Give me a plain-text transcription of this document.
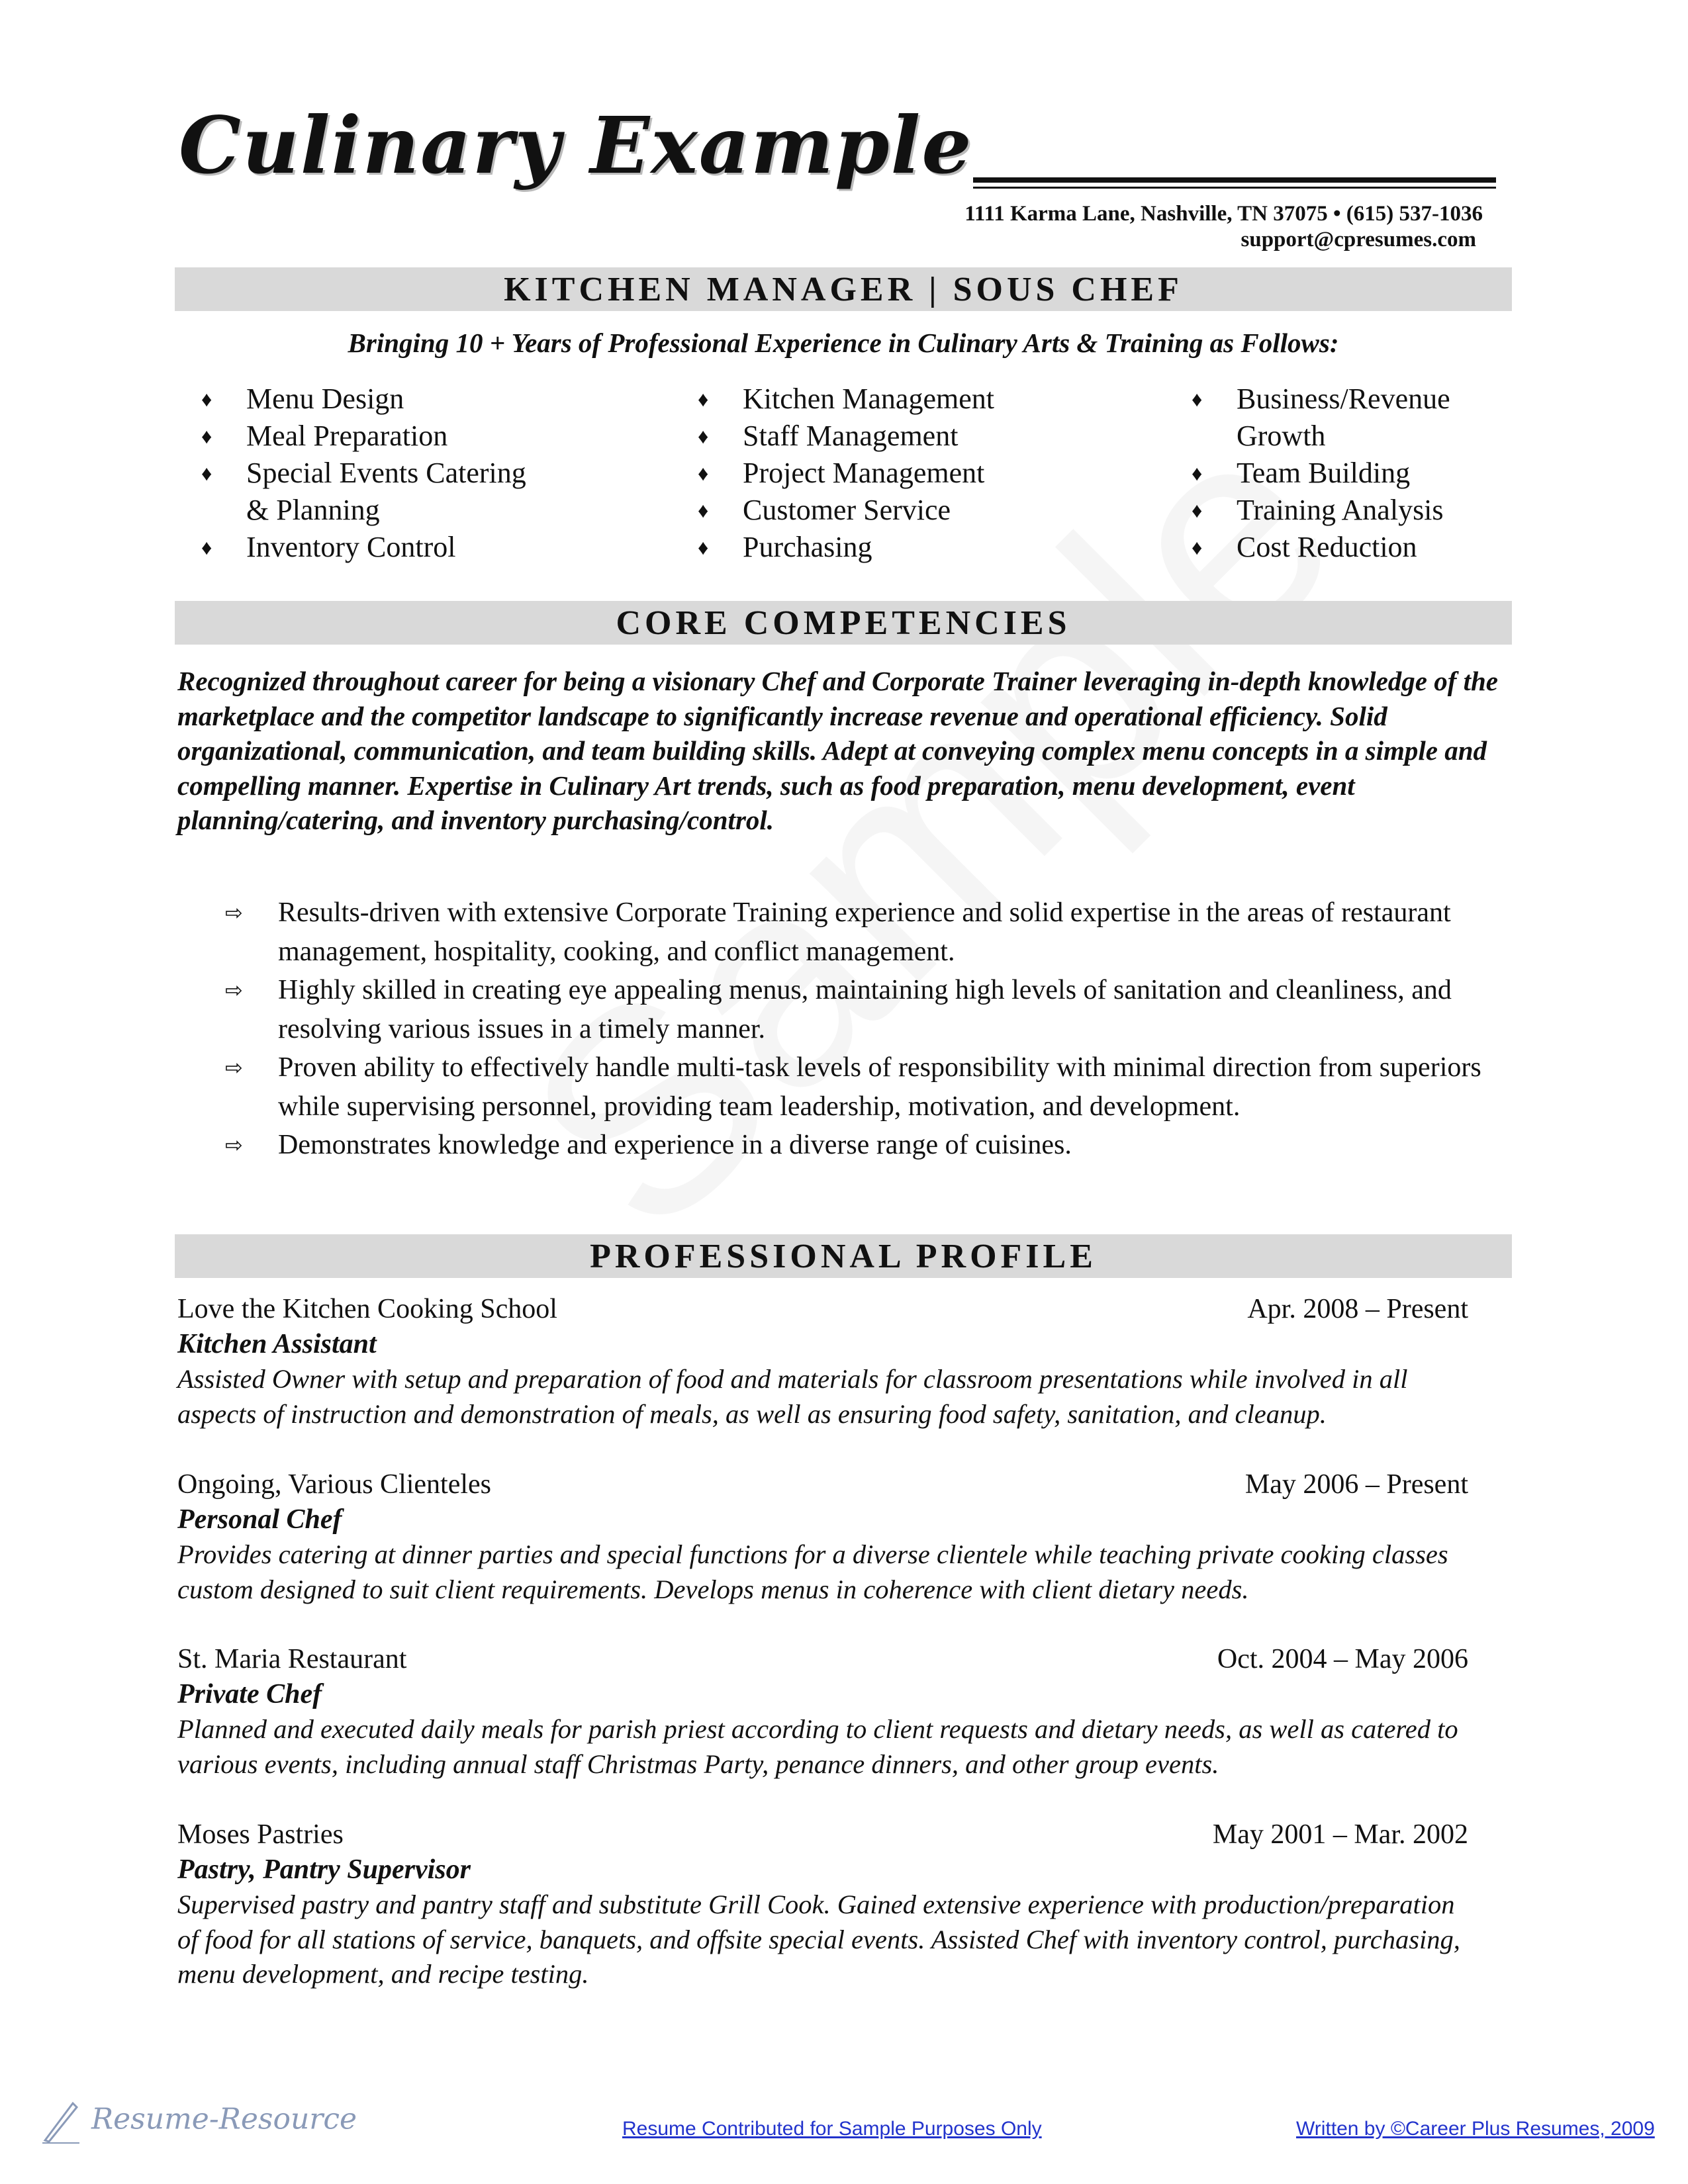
Culinary Example
1111 Karma Lane, Nashville, TN 37075 • (615) 537-1036
support@cpresumes.com
KITCHEN MANAGER | SOUS CHEF
Bringing 10 + Years of Professional Experience in Culinary Arts & Training as Follows:
♦	Menu Design
♦	Meal Preparation
♦	Special Events Catering & Planning
♦	Inventory Control
♦	Kitchen Management
♦	Staff Management
♦	Project Management
♦	Customer Service
♦	Purchasing
♦	Business/Revenue Growth
♦	Team Building
♦	Training Analysis
♦	Cost Reduction
CORE COMPETENCIES
Recognized throughout career for being a visionary Chef and Corporate Trainer leveraging in-depth knowledge of the marketplace and the competitor landscape to significantly increase revenue and operational efficiency. Solid organizational, communication, and team building skills. Adept at conveying complex menu concepts in a simple and compelling manner. Expertise in Culinary Art trends, such as food preparation, menu development, event planning/catering, and inventory purchasing/control.
⇨	Results-driven with extensive Corporate Training experience and solid expertise in the areas of restaurant management, hospitality, cooking, and conflict management.
⇨	Highly skilled in creating eye appealing menus, maintaining high levels of sanitation and cleanliness, and resolving various issues in a timely manner.
⇨	Proven ability to effectively handle multi-task levels of responsibility with minimal direction from superiors while supervising personnel, providing team leadership, motivation, and development.
⇨	Demonstrates knowledge and experience in a diverse range of cuisines.
PROFESSIONAL PROFILE
Love the Kitchen Cooking School	Apr. 2008 – Present
Kitchen Assistant
Assisted Owner with setup and preparation of food and materials for classroom presentations while involved in all aspects of instruction and demonstration of meals, as well as ensuring food safety, sanitation, and cleanup.
Ongoing, Various Clienteles	May 2006 – Present
Personal Chef
Provides catering at dinner parties and special functions for a diverse clientele while teaching private cooking classes custom designed to suit client requirements. Develops menus in coherence with client dietary needs.
St. Maria Restaurant	Oct. 2004 – May 2006
Private Chef
Planned and executed daily meals for parish priest according to client requests and dietary needs, as well as catered to various events, including annual staff Christmas Party, penance dinners, and other group events.
Moses Pastries	May 2001 – Mar. 2002
Pastry, Pantry Supervisor
Supervised pastry and pantry staff and substitute Grill Cook. Gained extensive experience with production/preparation of food for all stations of service, banquets, and offsite special events. Assisted Chef with inventory control, purchasing, menu development, and recipe testing.
Resume-Resource	Resume Contributed for Sample Purposes Only	Written by ©Career Plus Resumes, 2009
